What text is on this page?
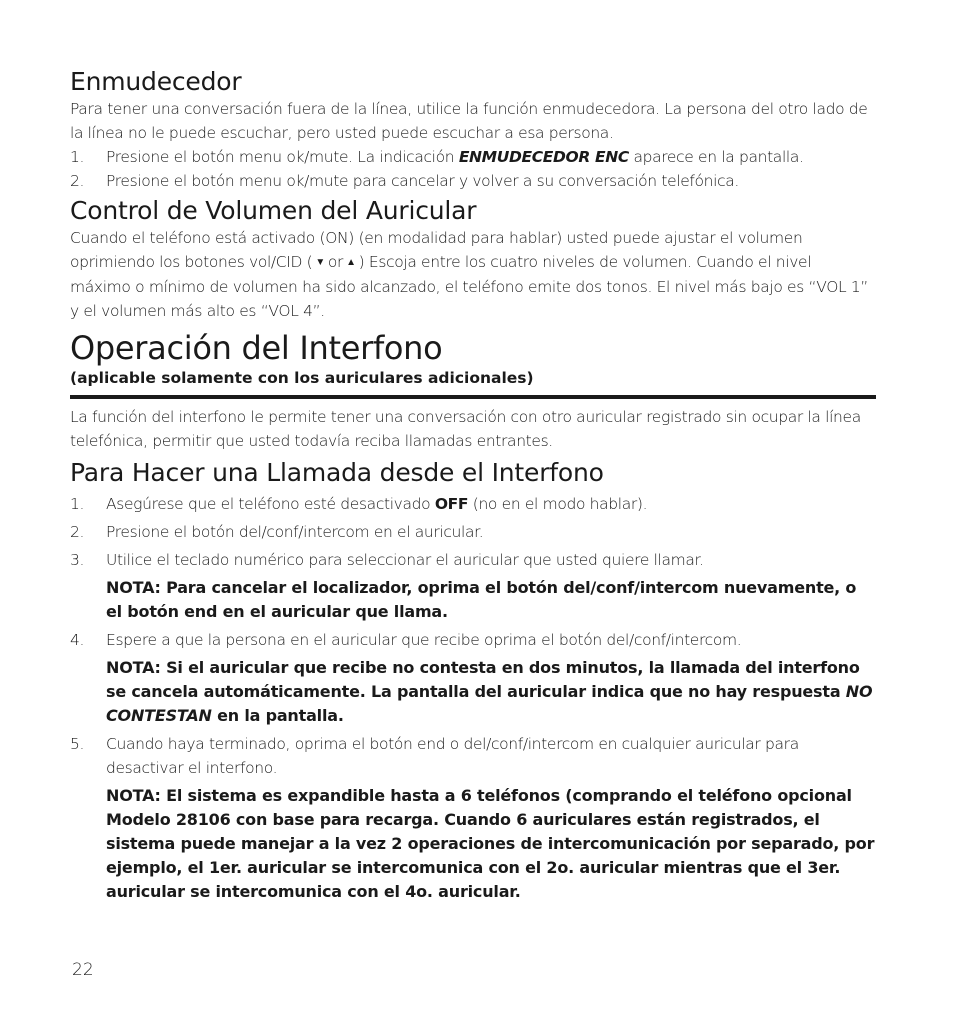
Enmudecedor

Para tener una conversación fuera de la línea, utilice la función enmudecedora. La persona del otro lado de la línea no le puede escuchar, pero usted puede escuchar a esa persona.

1. Presione el botón menu ok/mute. La indicación ENMUDECEDOR ENC aparece en la pantalla.
2. Presione el botón menu ok/mute para cancelar y volver a su conversación telefónica.
Control de Volumen del Auricular

Cuando el teléfono está activado (ON) (en modalidad para hablar) usted puede ajustar el volumen oprimiendo los botones vol/CID ( ▼ or ▲ ) Escoja entre los cuatro niveles de volumen. Cuando el nivel máximo o mínimo de volumen ha sido alcanzado, el teléfono emite dos tonos. El nivel más bajo es “VOL 1” y el volumen más alto es “VOL 4”.

Operación del Interfono

(aplicable solamente con los auriculares adicionales)

La función del interfono le permite tener una conversación con otro auricular registrado sin ocupar la línea telefónica, permitir que usted todavía reciba llamadas entrantes.

Para Hacer una Llamada desde el Interfono
1. Asegúrese que el teléfono esté desactivado OFF (no en el modo hablar).
2. Presione el botón del/conf/intercom en el auricular.
3. Utilice el teclado numérico para seleccionar el auricular que usted quiere llamar.
NOTA: Para cancelar el localizador, oprima el botón del/conf/intercom nuevamente, o el botón end en el auricular que llama.
4. Espere a que la persona en el auricular que recibe oprima el botón del/conf/intercom.
NOTA: Si el auricular que recibe no contesta en dos minutos, la llamada del interfono se cancela automáticamente. La pantalla del auricular indica que no hay respuesta NO CONTESTAN en la pantalla.
5. Cuando haya terminado, oprima el botón end o del/conf/intercom en cualquier auricular para desactivar el interfono.
NOTA: El sistema es expandible hasta a 6 teléfonos (comprando el teléfono opcional Modelo 28106 con base para recarga. Cuando 6 auriculares están registrados, el sistema puede manejar a la vez 2 operaciones de intercomunicación por separado, por ejemplo, el 1er. auricular se intercomunica con el 2o. auricular mientras que el 3er. auricular se intercomunica con el 4o. auricular.
22
